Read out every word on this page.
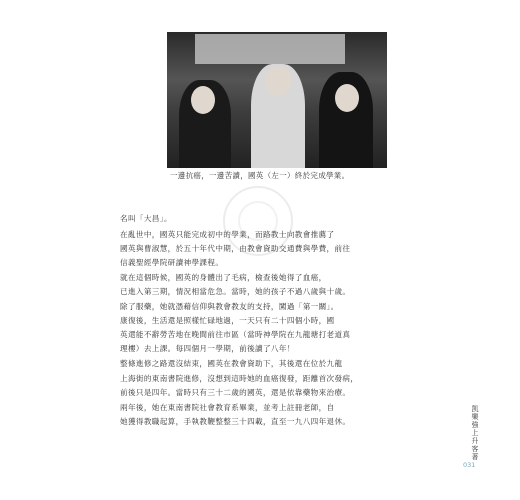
一邊抗癌，一邊苦讀，國英（左一）終於完成學業。

名叫「大昌」。

在亂世中，國英只能完成初中的學業，而路教士向教會推薦了

國英與曹淑慧，於五十年代中期，由教會資助交通費與學費，前往

信義聖經學院研讀神學課程。

就在這個時候，國英的身體出了毛病，檢查後她得了血癌，

已進入第三期，情況相當危急。當時，她的孩子不過八歲與十歲。

除了服藥，她就憑藉信仰與教會教友的支持，闖過「第一關」。

康復後，生活還是照樣忙碌地過，一天只有二十四個小時，國

英還能不辭勞苦地在晚間前往市區（當時神學院在九龍塘打老道真

理樓）去上課。每四個月一學期，前後讀了八年！

整條進修之路還沒結束，國英在教會資助下，其後還在位於九龍

上海街的東南書院進修，沒想到這時她的血癌復發，距離首次發病，

前後只是四年。當時只有三十二歲的國英，還是依靠藥物來治療。

兩年後，她在東南書院社會教育系畢業，並考上註冊老師，自

她獲得教職起算，手執教鞭整整三十四載，直至一九八四年退休。	凯樂強上升客著
031
